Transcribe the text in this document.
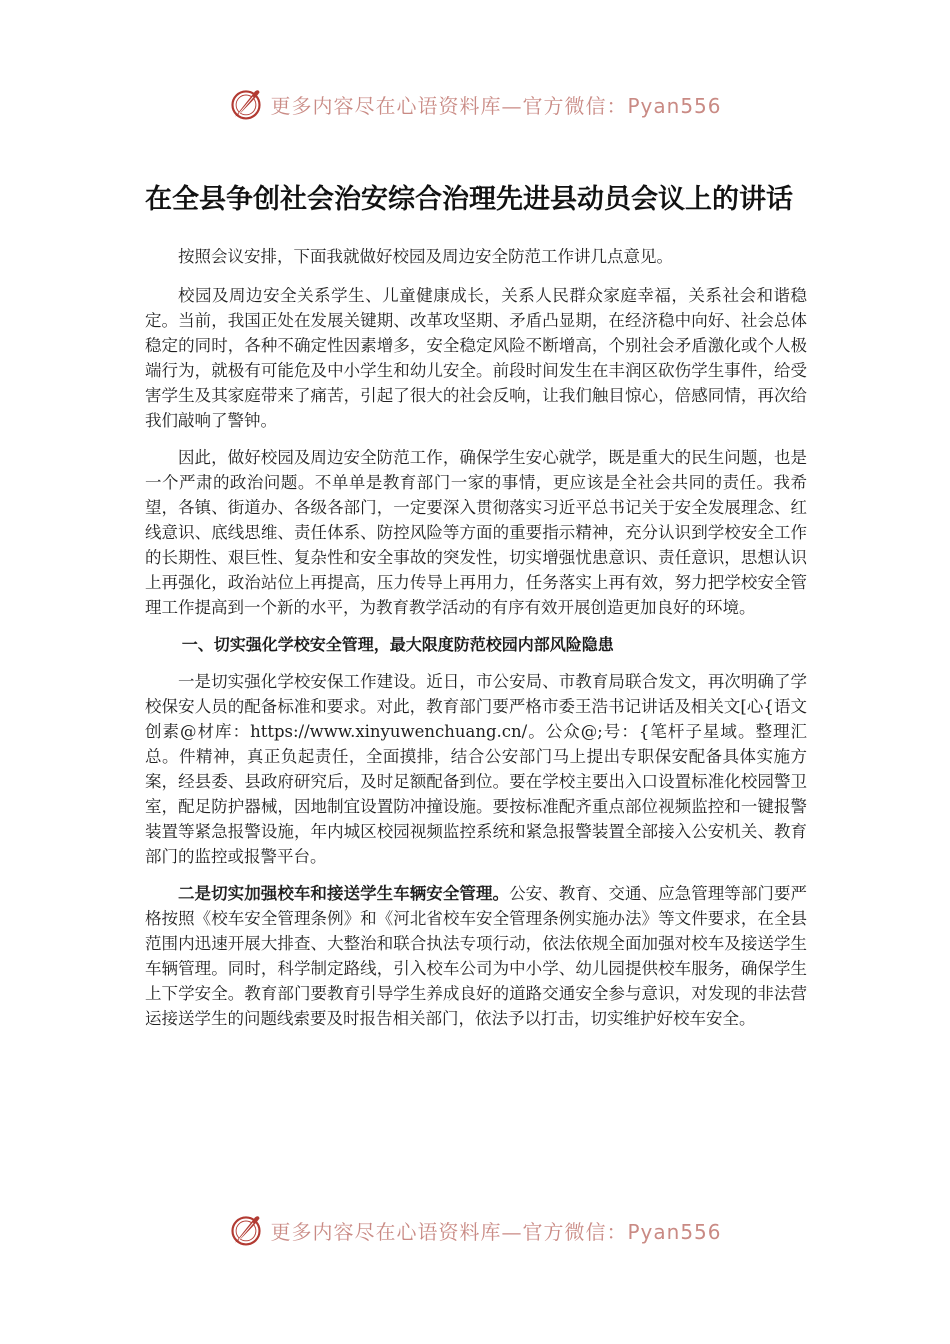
更多内容尽在心语资料库—官方微信：Pyan556
在全县争创社会治安综合治理先进县动员会议上的讲话

按照会议安排，下面我就做好校园及周边安全防范工作讲几点意见。

校园及周边安全关系学生、儿童健康成长，关系人民群众家庭幸福，关系社会和谐稳定。当前，我国正处在发展关键期、改革攻坚期、矛盾凸显期，在经济稳中向好、社会总体稳定的同时，各种不确定性因素增多，安全稳定风险不断增高，个别社会矛盾激化或个人极端行为，就极有可能危及中小学生和幼儿安全。前段时间发生在丰润区砍伤学生事件，给受害学生及其家庭带来了痛苦，引起了很大的社会反响，让我们触目惊心，倍感同情，再次给我们敲响了警钟。

因此，做好校园及周边安全防范工作，确保学生安心就学，既是重大的民生问题，也是一个严肃的政治问题。不单单是教育部门一家的事情，更应该是全社会共同的责任。我希望，各镇、街道办、各级各部门，一定要深入贯彻落实习近平总书记关于安全发展理念、红线意识、底线思维、责任体系、防控风险等方面的重要指示精神，充分认识到学校安全工作的长期性、艰巨性、复杂性和安全事故的突发性，切实增强忧患意识、责任意识，思想认识上再强化，政治站位上再提高，压力传导上再用力，任务落实上再有效，努力把学校安全管理工作提高到一个新的水平，为教育教学活动的有序有效开展创造更加良好的环境。

一、切实强化学校安全管理，最大限度防范校园内部风险隐患

一是切实强化学校安保工作建设。近日，市公安局、市教育局联合发文，再次明确了学校保安人员的配备标准和要求。对此，教育部门要严格市委王浩书记讲话及相关文[心{语文创素@材库：https://www.xinyuwenchuang.cn/。公众@;号：{笔杆子星域。整理汇总。件精神，真正负起责任，全面摸排，结合公安部门马上提出专职保安配备具体实施方案，经县委、县政府研究后，及时足额配备到位。要在学校主要出入口设置标准化校园警卫室，配足防护器械，因地制宜设置防冲撞设施。要按标准配齐重点部位视频监控和一键报警装置等紧急报警设施，年内城区校园视频监控系统和紧急报警装置全部接入公安机关、教育部门的监控或报警平台。

二是切实加强校车和接送学生车辆安全管理。公安、教育、交通、应急管理等部门要严格按照《校车安全管理条例》和《河北省校车安全管理条例实施办法》等文件要求，在全县范围内迅速开展大排查、大整治和联合执法专项行动，依法依规全面加强对校车及接送学生车辆管理。同时，科学制定路线，引入校车公司为中小学、幼儿园提供校车服务，确保学生上下学安全。教育部门要教育引导学生养成良好的道路交通安全参与意识，对发现的非法营运接送学生的问题线索要及时报告相关部门，依法予以打击，切实维护好校车安全。

更多内容尽在心语资料库—官方微信：Pyan556
